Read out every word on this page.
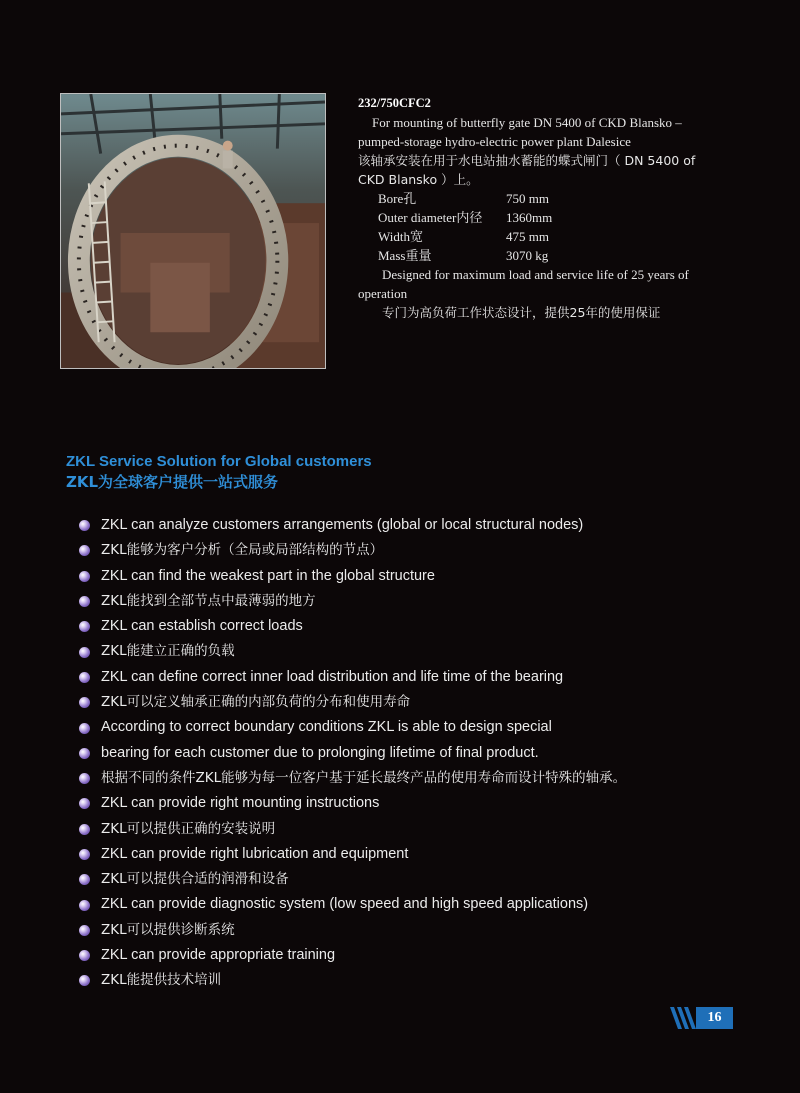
232/750CFC2

For mounting of butterfly gate DN 5400 of CKD Blansko –

pumped-storage hydro-electric power plant Dalesice

该轴承安装在用于水电站抽水蓄能的蝶式闸门（ DN 5400 of

CKD Blansko ）上。

Bore孔	750 mm
Outer diameter内径	1360mm
Width宽	475 mm
Mass重量	3070 kg

Designed for maximum load and service life of 25 years of

operation

专门为高负荷工作状态设计，提供25年的使用保证

ZKL Service Solution for Global customers
ZKL为全球客户提供一站式服务
ZKL can analyze customers arrangements (global or local structural nodes)
ZKL能够为客户分析（全局或局部结构的节点）
ZKL can find the weakest part in the global structure
ZKL能找到全部节点中最薄弱的地方
ZKL can establish correct loads
ZKL能建立正确的负载
ZKL can define correct inner load distribution and life time of the bearing
ZKL可以定义轴承正确的内部负荷的分布和使用寿命
According to correct boundary conditions ZKL is able to design special
bearing for each customer due to prolonging lifetime of final product.
根据不同的条件ZKL能够为每一位客户基于延长最终产品的使用寿命而设计特殊的轴承。
ZKL can provide right mounting instructions
ZKL可以提供正确的安装说明
ZKL can provide right lubrication and equipment
ZKL可以提供合适的润滑和设备
ZKL can provide diagnostic system (low speed and high speed applications)
ZKL可以提供诊断系统
ZKL can provide appropriate training
ZKL能提供技术培训
16
